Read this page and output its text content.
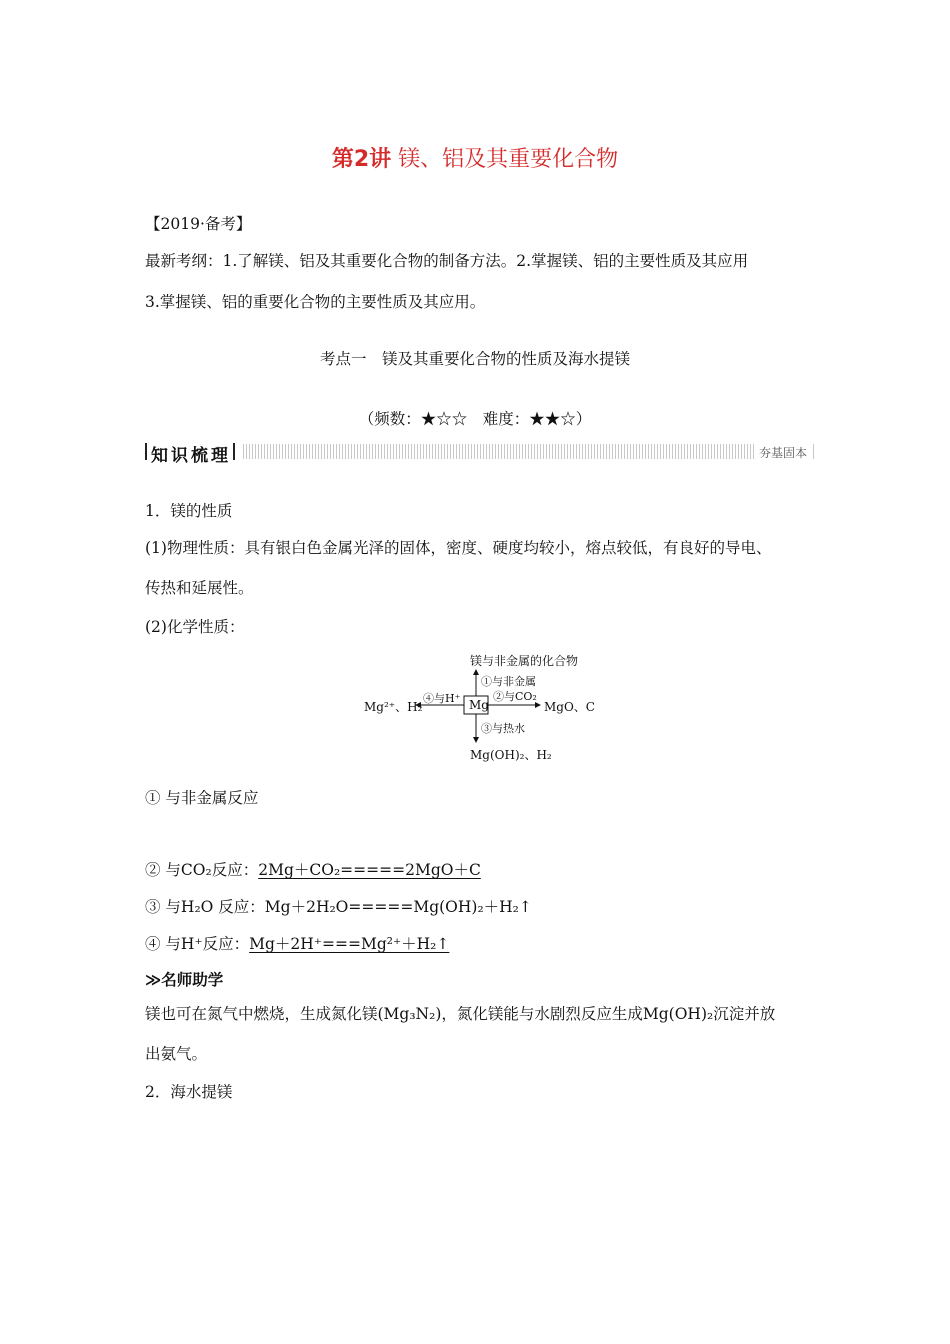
第2讲 镁、铝及其重要化合物
【2019·备考】
最新考纲：1.了解镁、铝及其重要化合物的制备方法。2.掌握镁、铝的主要性质及其应用
3.掌握镁、铝的重要化合物的主要性质及其应用。
考点一　镁及其重要化合物的性质及海水提镁
（频数：★☆☆　难度：★★☆）
知识梳理	夯基固本
1．镁的性质
(1)物理性质：具有银白色金属光泽的固体，密度、硬度均较小，熔点较低，有良好的导电、
传热和延展性。
(2)化学性质：
Mg
镁与非金属的化合物
①与非金属
②与CO₂
MgO、C
③与热水
Mg(OH)₂、H₂
④与H⁺
Mg²⁺、H₂
① 与非金属反应
② 与CO₂反应：2Mg＋CO₂=====2MgO＋C
③ 与H₂O 反应：Mg＋2H₂O=====Mg(OH)₂＋H₂↑
④ 与H⁺反应：Mg＋2H⁺===Mg²⁺＋H₂↑
≫名师助学
镁也可在氮气中燃烧，生成氮化镁(Mg₃N₂)，氮化镁能与水剧烈反应生成Mg(OH)₂沉淀并放
出氨气。
2．海水提镁
